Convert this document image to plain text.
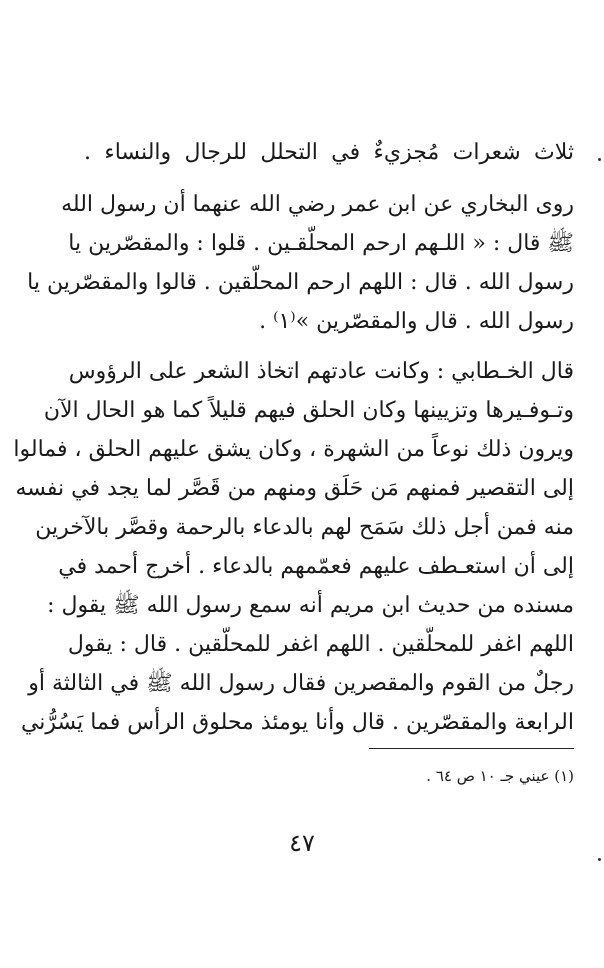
ثلاث شعرات مُجزيءٌ في التحلل للرجال والنساء .
روى البخاري عن ابن عمر رضي الله عنهما أن رسول الله
ﷺ قال : « اللـهم ارحم المحلّقـين . قلوا : والمقصّرين يا
رسول الله . قال : اللهم ارحم المحلّقين . قالوا والمقصّرين يا
رسول الله . قال والمقصّرين »⁽١⁾ .
قال الخـطابي : وكانت عادتهم اتخاذ الشعر على الرؤوس
وتـوفـيرها وتزيينها وكان الحلق فيهم قليلاً كما هو الحال الآن
ويرون ذلك نوعاً من الشهرة ، وكان يشق عليهم الحلق ، فمالوا
إلى التقصير فمنهم مَن حَلَق ومنهم من قَصَّر لما يجد في نفسه
منه فمن أجل ذلك سَمَح لهم بالدعاء بالرحمة وقصَّر بالآخرين
إلى أن استعـطف عليهم فعمّمهم بالدعاء . أخرج أحمد في
مسنده من حديث ابن مريم أنه سمع رسول الله ﷺ يقول :
اللهم اغفر للمحلّقين . اللهم اغفر للمحلّقين . قال : يقول
رجلٌ من القوم والمقصرين فقال رسول الله ﷺ في الثالثة أو
الرابعة والمقصّرين . قال وأنا يومئذ محلوق الرأس فما يَسُرُّني
(١) عيني جـ ١٠ ص ٦٤ .
٤٧
